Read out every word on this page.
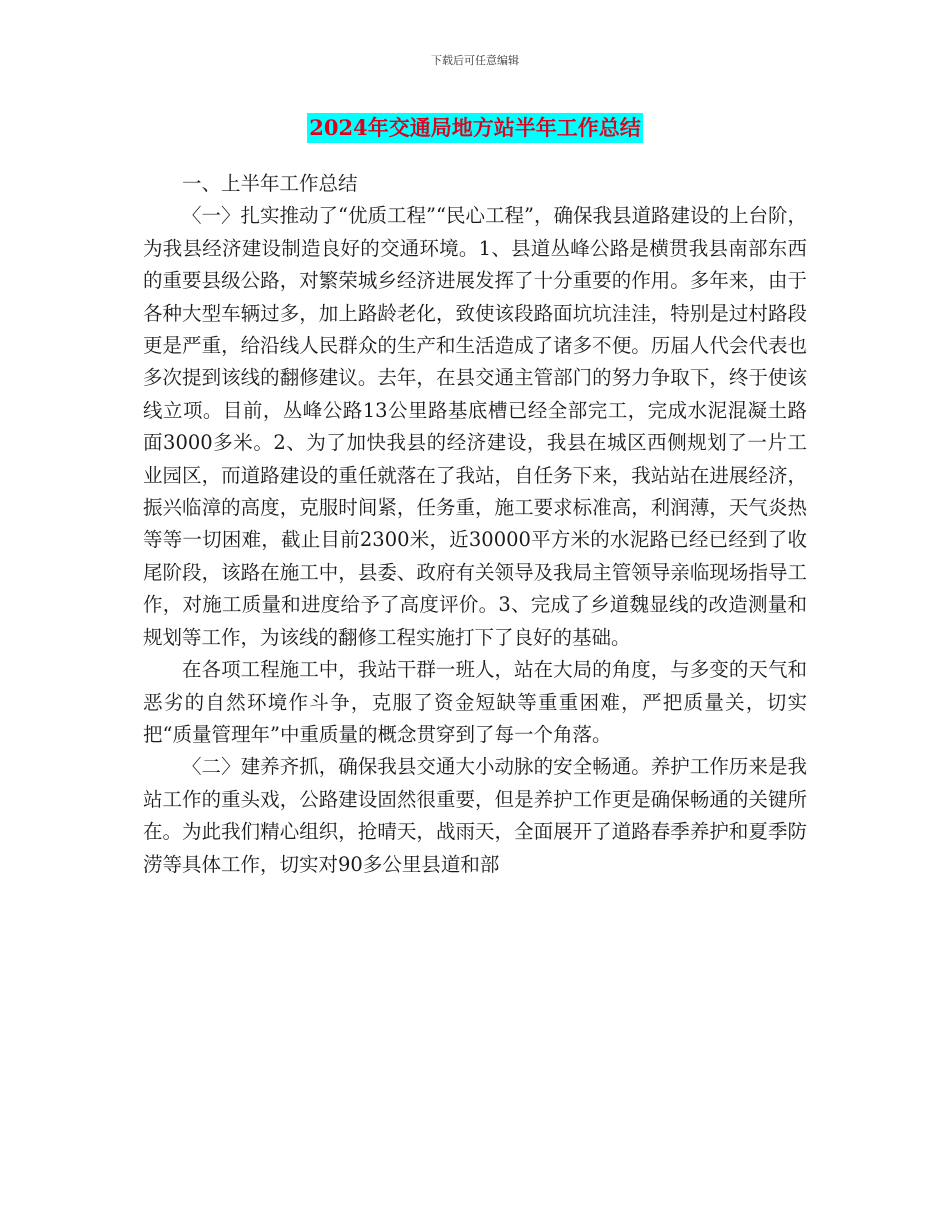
下载后可任意编辑
2024年交通局地方站半年工作总结

一、上半年工作总结

〈一〉扎实推动了“优质工程”“民心工程”，确保我县道路建设的上台阶，为我县经济建设制造良好的交通环境。1、县道丛峰公路是横贯我县南部东西的重要县级公路，对繁荣城乡经济进展发挥了十分重要的作用。多年来，由于各种大型车辆过多，加上路龄老化，致使该段路面坑坑洼洼，特别是过村路段更是严重，给沿线人民群众的生产和生活造成了诸多不便。历届人代会代表也多次提到该线的翻修建议。去年，在县交通主管部门的努力争取下，终于使该线立项。目前，丛峰公路13公里路基底槽已经全部完工，完成水泥混凝土路面3000多米。2、为了加快我县的经济建设，我县在城区西侧规划了一片工业园区，而道路建设的重任就落在了我站，自任务下来，我站站在进展经济，振兴临漳的高度，克服时间紧，任务重，施工要求标准高，利润薄，天气炎热等等一切困难，截止目前2300米，近30000平方米的水泥路已经已经到了收尾阶段，该路在施工中，县委、政府有关领导及我局主管领导亲临现场指导工作，对施工质量和进度给予了高度评价。3、完成了乡道魏显线的改造测量和规划等工作，为该线的翻修工程实施打下了良好的基础。

在各项工程施工中，我站干群一班人，站在大局的角度，与多变的天气和恶劣的自然环境作斗争，克服了资金短缺等重重困难，严把质量关，切实把“质量管理年”中重质量的概念贯穿到了每一个角落。

〈二〉建养齐抓，确保我县交通大小动脉的安全畅通。养护工作历来是我站工作的重头戏，公路建设固然很重要，但是养护工作更是确保畅通的关键所在。为此我们精心组织，抢晴天，战雨天，全面展开了道路春季养护和夏季防涝等具体工作，切实对90多公里县道和部
